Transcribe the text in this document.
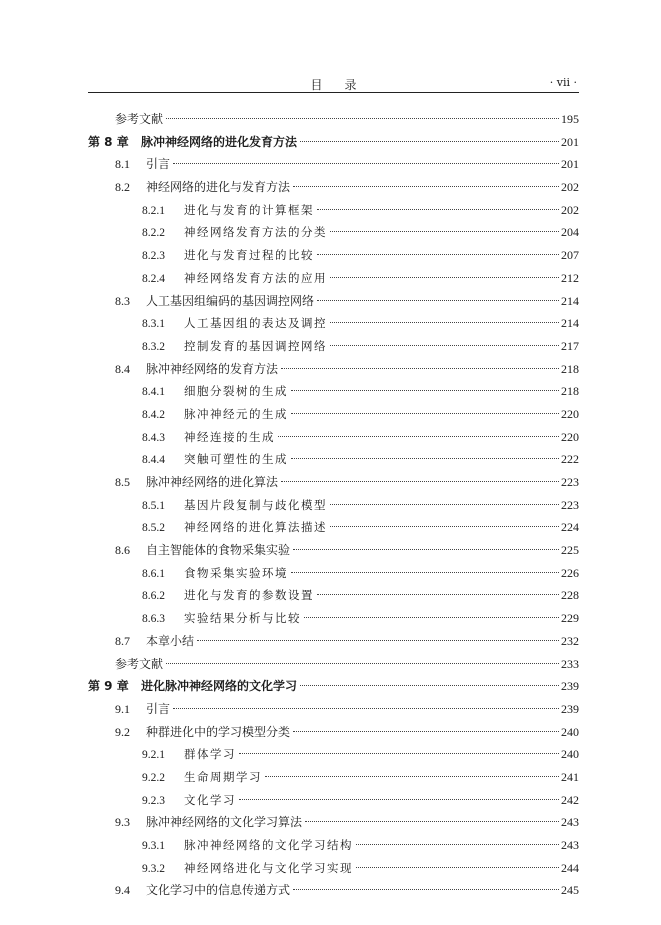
目录	· vii ·
参考文献	195
第 8 章	脉冲神经网络的进化发育方法	201
8.1	引言	201
8.2	神经网络的进化与发育方法	202
8.2.1	进化与发育的计算框架	202
8.2.2	神经网络发育方法的分类	204
8.2.3	进化与发育过程的比较	207
8.2.4	神经网络发育方法的应用	212
8.3	人工基因组编码的基因调控网络	214
8.3.1	人工基因组的表达及调控	214
8.3.2	控制发育的基因调控网络	217
8.4	脉冲神经网络的发育方法	218
8.4.1	细胞分裂树的生成	218
8.4.2	脉冲神经元的生成	220
8.4.3	神经连接的生成	220
8.4.4	突触可塑性的生成	222
8.5	脉冲神经网络的进化算法	223
8.5.1	基因片段复制与歧化模型	223
8.5.2	神经网络的进化算法描述	224
8.6	自主智能体的食物采集实验	225
8.6.1	食物采集实验环境	226
8.6.2	进化与发育的参数设置	228
8.6.3	实验结果分析与比较	229
8.7	本章小结	232
参考文献	233
第 9 章	进化脉冲神经网络的文化学习	239
9.1	引言	239
9.2	种群进化中的学习模型分类	240
9.2.1	群体学习	240
9.2.2	生命周期学习	241
9.2.3	文化学习	242
9.3	脉冲神经网络的文化学习算法	243
9.3.1	脉冲神经网络的文化学习结构	243
9.3.2	神经网络进化与文化学习实现	244
9.4	文化学习中的信息传递方式	245
